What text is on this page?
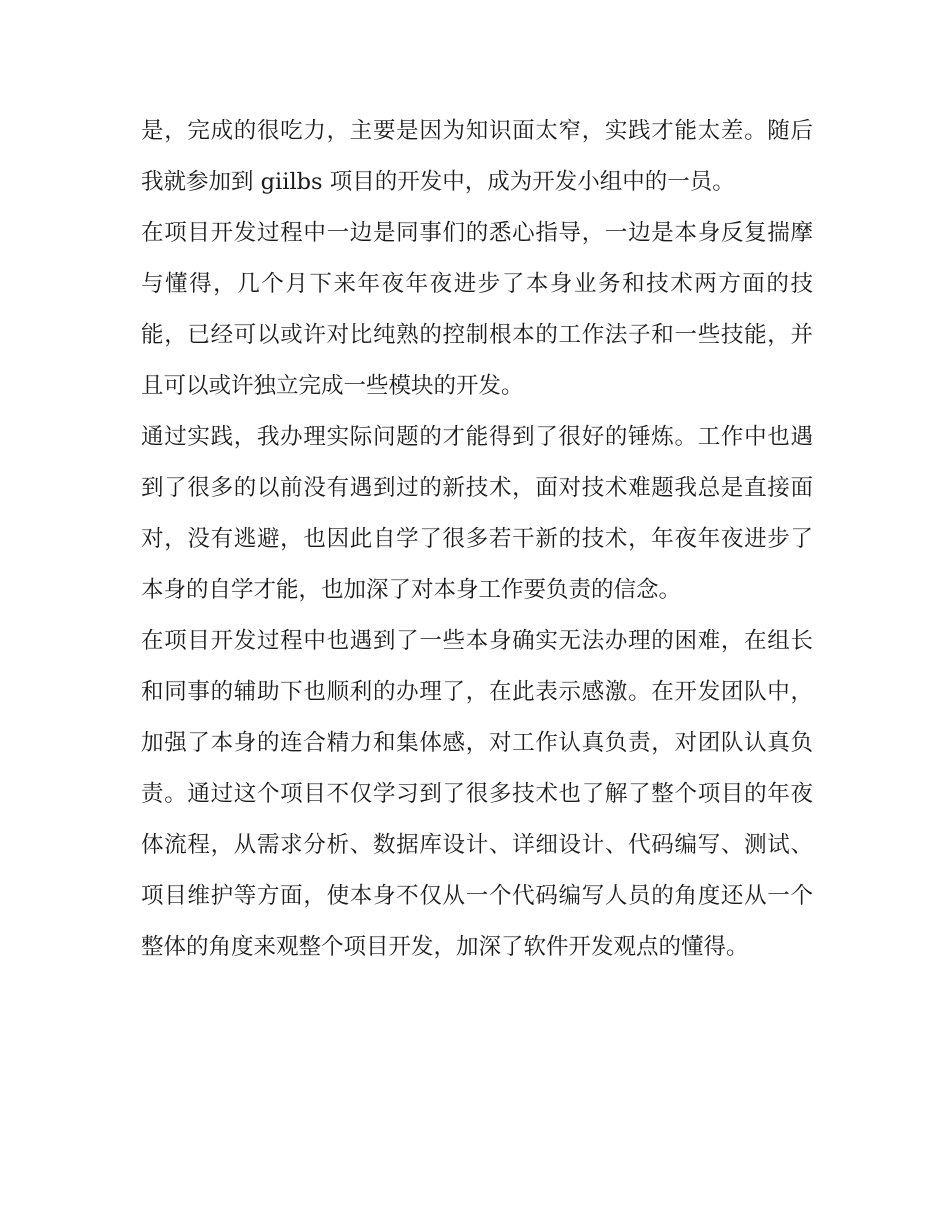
是，完成的很吃力，主要是因为知识面太窄，实践才能太差。随后我就参加到 giilbs 项目的开发中，成为开发小组中的一员。

在项目开发过程中一边是同事们的悉心指导，一边是本身反复揣摩与懂得，几个月下来年夜年夜进步了本身业务和技术两方面的技能，已经可以或许对比纯熟的控制根本的工作法子和一些技能，并且可以或许独立完成一些模块的开发。

通过实践，我办理实际问题的才能得到了很好的锤炼。工作中也遇到了很多的以前没有遇到过的新技术，面对技术难题我总是直接面对，没有逃避，也因此自学了很多若干新的技术，年夜年夜进步了本身的自学才能，也加深了对本身工作要负责的信念。

在项目开发过程中也遇到了一些本身确实无法办理的困难，在组长和同事的辅助下也顺利的办理了，在此表示感激。在开发团队中，加强了本身的连合精力和集体感，对工作认真负责，对团队认真负责。通过这个项目不仅学习到了很多技术也了解了整个项目的年夜体流程，从需求分析、数据库设计、详细设计、代码编写、测试、项目维护等方面，使本身不仅从一个代码编写人员的角度还从一个整体的角度来观整个项目开发，加深了软件开发观点的懂得。
